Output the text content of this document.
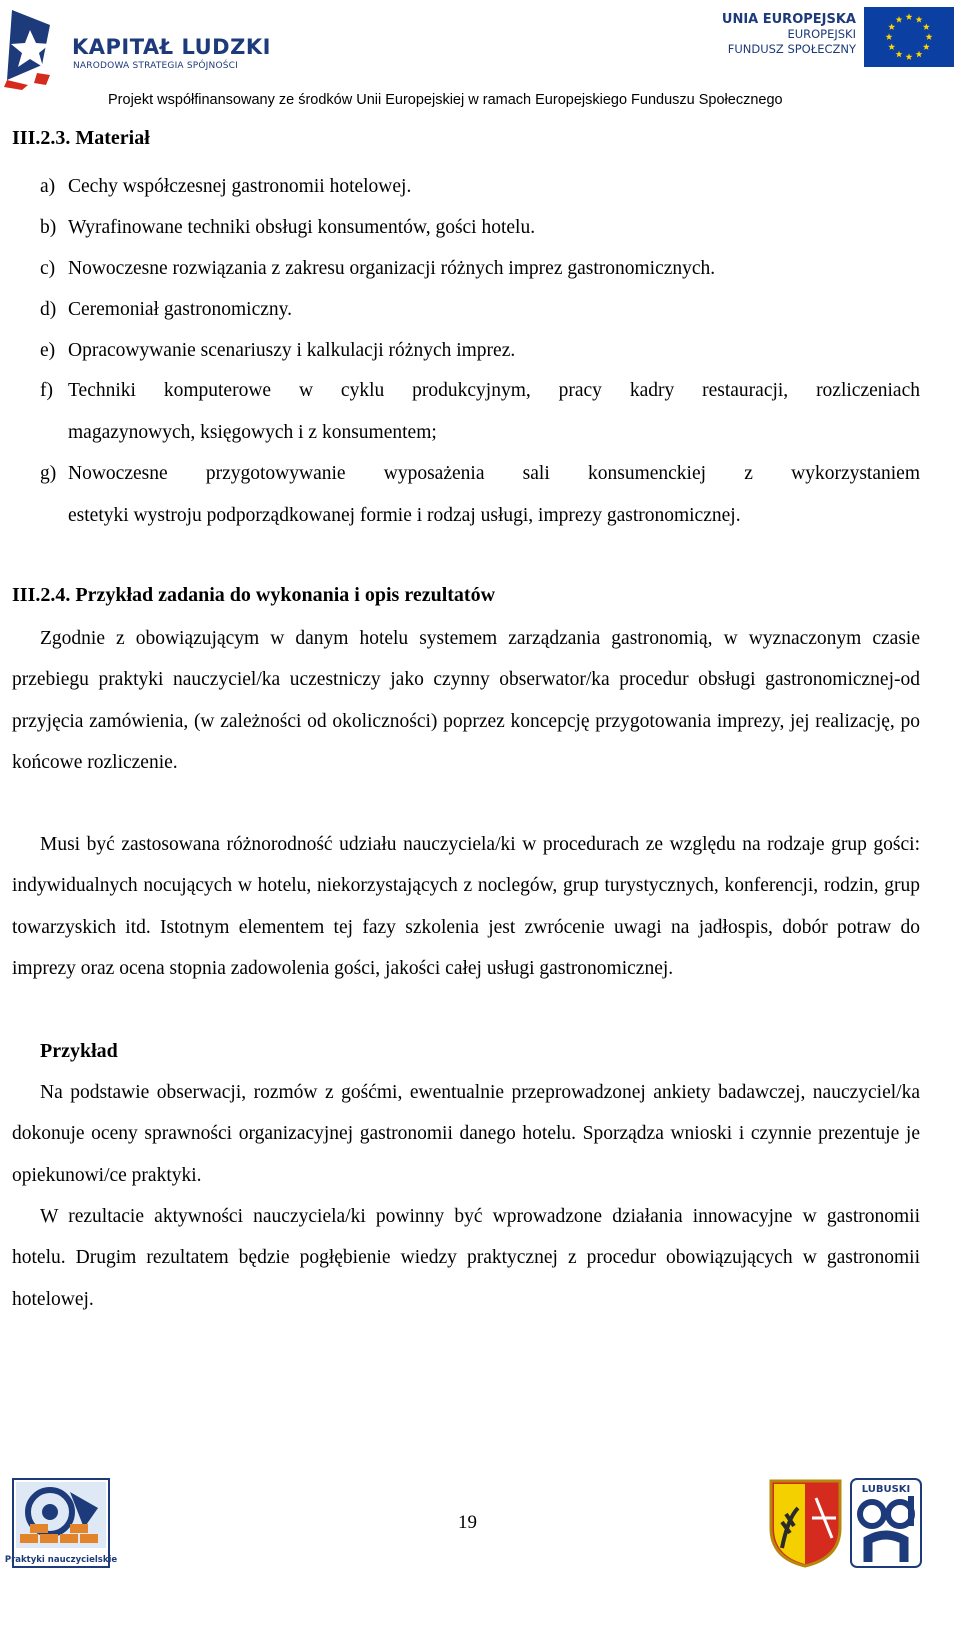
KAPITAŁ LUDZKI
NARODOWA STRATEGIA SPÓJNOŚCI
UNIA EUROPEJSKA
EUROPEJSKI
FUNDUSZ SPOŁECZNY
Projekt współfinansowany ze środków Unii Europejskiej w ramach Europejskiego Funduszu Społecznego
III.2.3. Materiał
a) Cechy współczesnej gastronomii hotelowej.
b) Wyrafinowane techniki obsługi konsumentów, gości hotelu.
c) Nowoczesne rozwiązania z zakresu organizacji różnych imprez gastronomicznych.
d) Ceremoniał gastronomiczny.
e) Opracowywanie scenariuszy i kalkulacji różnych imprez.
f) Techniki komputerowe w cyklu produkcyjnym, pracy kadry restauracji, rozliczeniach
magazynowych, księgowych i z konsumentem;
g) Nowoczesne przygotowywanie wyposażenia sali konsumenckiej z wykorzystaniem
estetyki wystroju podporządkowanej formie i rodzaj usługi, imprezy gastronomicznej.
III.2.4. Przykład zadania do wykonania i opis rezultatów
Zgodnie z obowiązującym w danym hotelu systemem zarządzania gastronomią, w wyznaczonym czasie przebiegu praktyki nauczyciel/ka uczestniczy jako czynny obserwator/ka procedur obsługi gastronomicznej-od przyjęcia zamówienia, (w zależności od okoliczności) poprzez koncepcję przygotowania imprezy, jej realizację, po końcowe rozliczenie.
Musi być zastosowana różnorodność udziału nauczyciela/ki w procedurach ze względu na rodzaje grup gości: indywidualnych nocujących w hotelu, niekorzystających z noclegów, grup turystycznych, konferencji, rodzin, grup towarzyskich itd. Istotnym elementem tej fazy szkolenia jest zwrócenie uwagi na jadłospis, dobór potraw do imprezy oraz ocena stopnia zadowolenia gości, jakości całej usługi gastronomicznej.
Przykład
Na podstawie obserwacji, rozmów z gośćmi, ewentualnie przeprowadzonej ankiety badawczej, nauczyciel/ka dokonuje oceny sprawności organizacyjnej gastronomii danego hotelu. Sporządza wnioski i czynnie prezentuje je opiekunowi/ce praktyki.
W rezultacie aktywności nauczyciela/ki powinny być wprowadzone działania innowacyjne w gastronomii hotelu. Drugim rezultatem będzie pogłębienie wiedzy praktycznej z procedur obowiązujących w gastronomii hotelowej.
Praktyki nauczycielskie
19
LUBUSKI
